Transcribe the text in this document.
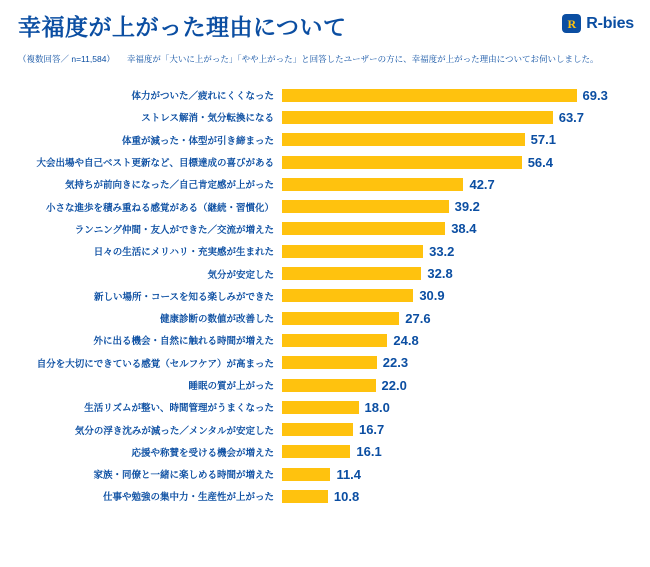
幸福度が上がった理由について
（複数回答／ n=11,584） 幸福度が「大いに上がった」「やや上がった」と回答したユーザーの方に、幸福度が上がった理由についてお伺いしました。
R R-bies
体力がついた／疲れにくくなった	69.3
ストレス解消・気分転換になる	63.7
体重が減った・体型が引き締まった	57.1
大会出場や自己ベスト更新など、目標達成の喜びがある	56.4
気持ちが前向きになった／自己肯定感が上がった	42.7
小さな進歩を積み重ねる感覚がある（継続・習慣化）	39.2
ランニング仲間・友人ができた／交流が増えた	38.4
日々の生活にメリハリ・充実感が生まれた	33.2
気分が安定した	32.8
新しい場所・コースを知る楽しみができた	30.9
健康診断の数値が改善した	27.6
外に出る機会・自然に触れる時間が増えた	24.8
自分を大切にできている感覚（セルフケア）が高まった	22.3
睡眠の質が上がった	22.0
生活リズムが整い、時間管理がうまくなった	18.0
気分の浮き沈みが減った／メンタルが安定した	16.7
応援や称賛を受ける機会が増えた	16.1
家族・同僚と一緒に楽しめる時間が増えた	11.4
仕事や勉強の集中力・生産性が上がった	10.8
